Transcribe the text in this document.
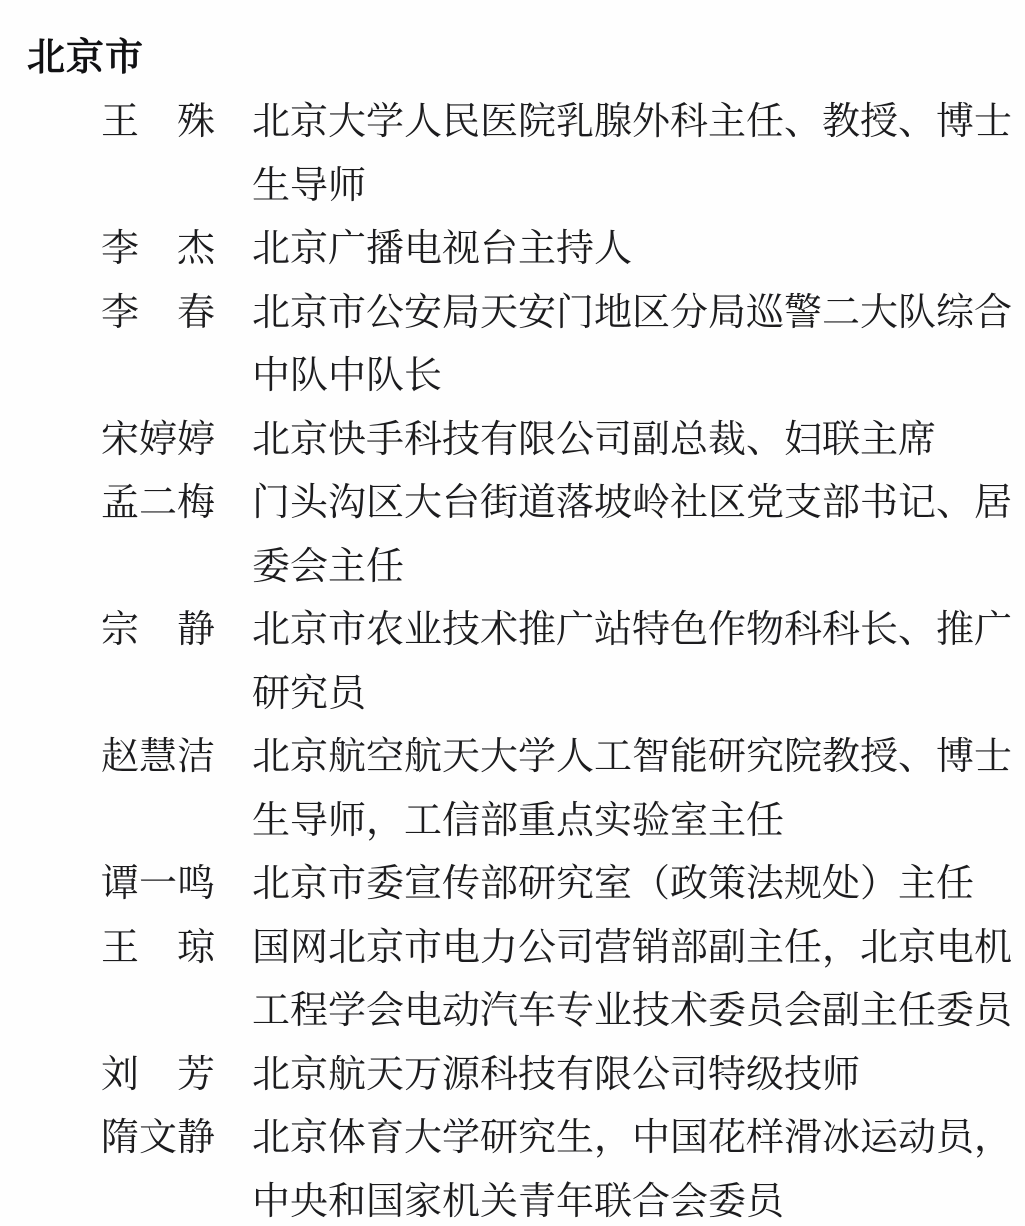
北京市
王　殊 北京大学人民医院乳腺外科主任、教授、博士
生导师
李　杰 北京广播电视台主持人
李　春 北京市公安局天安门地区分局巡警二大队综合
中队中队长
宋婷婷 北京快手科技有限公司副总裁、妇联主席
孟二梅 门头沟区大台街道落坡岭社区党支部书记、居
委会主任
宗　静 北京市农业技术推广站特色作物科科长、推广
研究员
赵慧洁 北京航空航天大学人工智能研究院教授、博士
生导师，工信部重点实验室主任
谭一鸣 北京市委宣传部研究室（政策法规处）主任
王　琼 国网北京市电力公司营销部副主任，北京电机
工程学会电动汽车专业技术委员会副主任委员
刘　芳 北京航天万源科技有限公司特级技师
隋文静 北京体育大学研究生，中国花样滑冰运动员，
中央和国家机关青年联合会委员
